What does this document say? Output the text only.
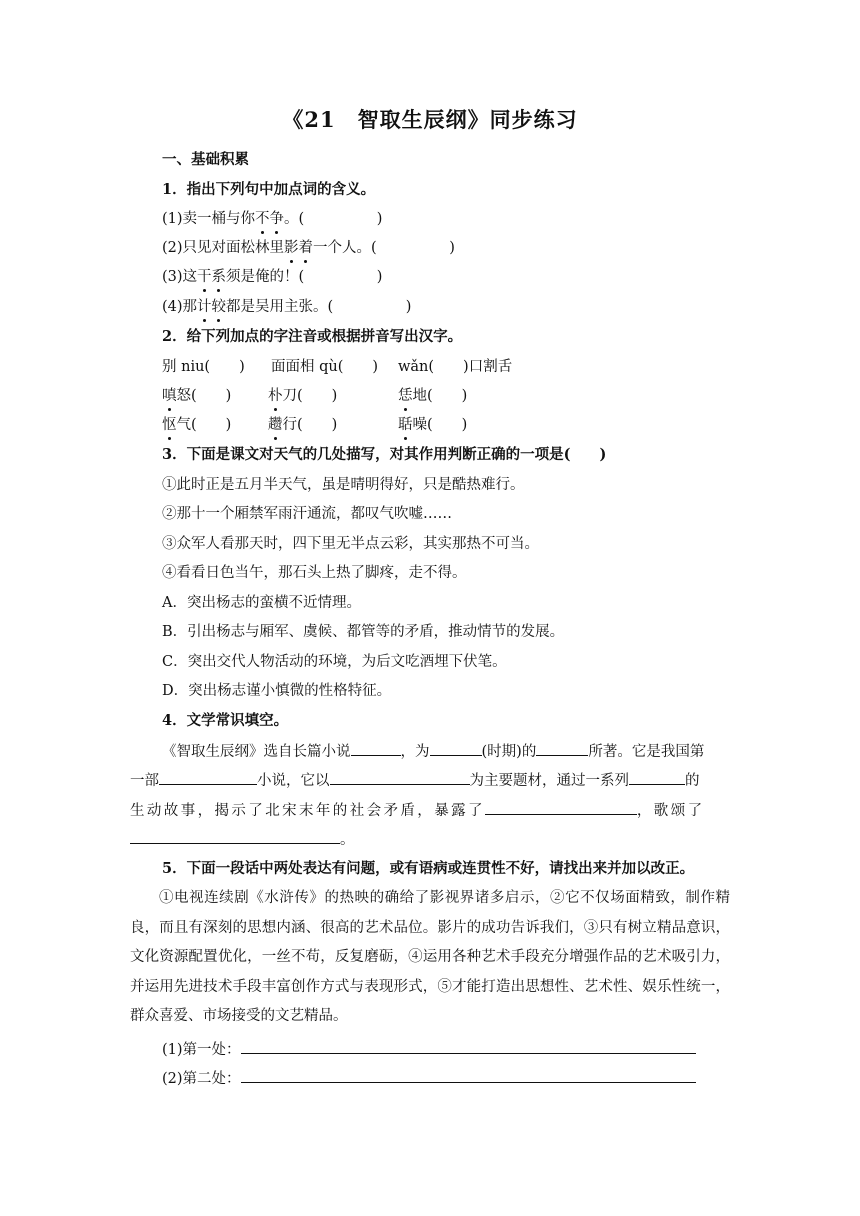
《21　智取生辰纲》同步练习
一、基础积累
1．指出下列句中加点词的含义。
(1)卖一桶与你不争。(　　　　　)
(2)只见对面松林里影着一个人。(　　　　　)
(3)这干系须是俺的！(　　　　　)
(4)那计较都是吴用主张。(　　　　　)
2．给下列加点的字注音或根据拼音写出汉字。
别 niu(　　) 面面相 qù(　　) wǎn(　　)口割舌
嗔怒(　　)	朴刀(　　)	恁地(　　)
怄气(　　)	趱行(　　)	聒噪(　　)
3．下面是课文对天气的几处描写，对其作用判断正确的一项是(　　)
①此时正是五月半天气，虽是晴明得好，只是酷热难行。
②那十一个厢禁军雨汗通流，都叹气吹嘘……
③众军人看那天时，四下里无半点云彩，其实那热不可当。
④看看日色当午，那石头上热了脚疼，走不得。
A．突出杨志的蛮横不近情理。
B．引出杨志与厢军、虞候、都管等的矛盾，推动情节的发展。
C．突出交代人物活动的环境，为后文吃酒埋下伏笔。
D．突出杨志谨小慎微的性格特征。
4．文学常识填空。
《智取生辰纲》选自长篇小说	，为	(时期)的	所著。它是我国第
一部	小说，它以	为主要题材，通过一系列	的
生动故事，揭示了北宋末年的社会矛盾，暴露了	，歌颂了
。
5．下面一段话中两处表达有问题，或有语病或连贯性不好，请找出来并加以改正。

①电视连续剧《水浒传》的热映的确给了影视界诸多启示，②它不仅场面精致，制作精良，而且有深刻的思想内涵、很高的艺术品位。影片的成功告诉我们，③只有树立精品意识，文化资源配置优化，一丝不苟，反复磨砺，④运用各种艺术手段充分增强作品的艺术吸引力，并运用先进技术手段丰富创作方式与表现形式，⑤才能打造出思想性、艺术性、娱乐性统一，群众喜爱、市场接受的文艺精品。

(1)第一处：
(2)第二处：
